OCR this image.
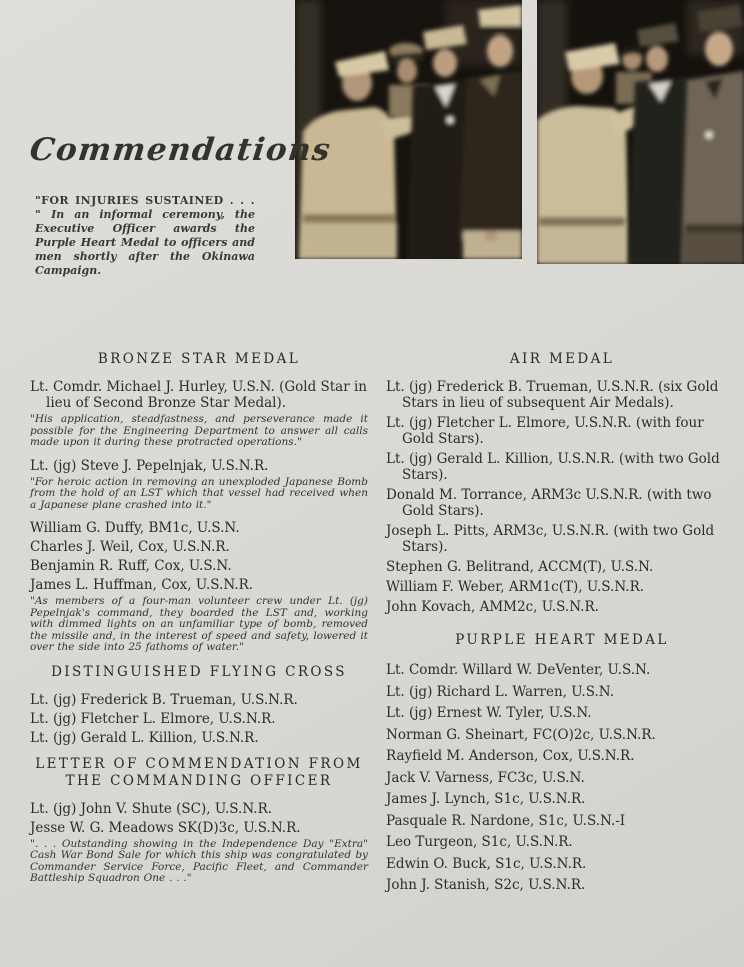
Commendations

"FOR INJURIES SUSTAINED . . . " In an informal ceremony, the Executive Officer awards the Purple Heart Medal to officers and men shortly after the Okinawa Campaign.

BRONZE STAR MEDAL

Lt. Comdr. Michael J. Hurley, U.S.N. (Gold Star in lieu of Second Bronze Star Medal).

"His application, steadfastness, and perseverance made it possible for the Engineering Department to answer all calls made upon it during these protracted operations."

Lt. (jg) Steve J. Pepelnjak, U.S.N.R.

"For heroic action in removing an unexploded Japanese Bomb from the hold of an LST which that vessel had received when a Japanese plane crashed into it."

William G. Duffy, BM1c, U.S.N.

Charles J. Weil, Cox, U.S.N.R.

Benjamin R. Ruff, Cox, U.S.N.

James L. Huffman, Cox, U.S.N.R.

"As members of a four-man volunteer crew under Lt. (jg) Pepelnjak's command, they boarded the LST and, working with dimmed lights on an unfamiliar type of bomb, removed the missile and, in the interest of speed and safety, lowered it over the side into 25 fathoms of water."

DISTINGUISHED FLYING CROSS

Lt. (jg) Frederick B. Trueman, U.S.N.R.

Lt. (jg) Fletcher L. Elmore, U.S.N.R.

Lt. (jg) Gerald L. Killion, U.S.N.R.

LETTER OF COMMENDATION FROM THE COMMANDING OFFICER

Lt. (jg) John V. Shute (SC), U.S.N.R.

Jesse W. G. Meadows SK(D)3c, U.S.N.R.

". . . Outstanding showing in the Independence Day "Extra" Cash War Bond Sale for which this ship was congratulated by Commander Service Force, Pacific Fleet, and Commander Battleship Squadron One . . ."

AIR MEDAL

Lt. (jg) Frederick B. Trueman, U.S.N.R. (six Gold Stars in lieu of subsequent Air Medals).

Lt. (jg) Fletcher L. Elmore, U.S.N.R. (with four Gold Stars).

Lt. (jg) Gerald L. Killion, U.S.N.R. (with two Gold Stars).

Donald M. Torrance, ARM3c U.S.N.R. (with two Gold Stars).

Joseph L. Pitts, ARM3c, U.S.N.R. (with two Gold Stars).

Stephen G. Belitrand, ACCM(T), U.S.N.

William F. Weber, ARM1c(T), U.S.N.R.

John Kovach, AMM2c, U.S.N.R.

PURPLE HEART MEDAL

Lt. Comdr. Willard W. DeVenter, U.S.N.

Lt. (jg) Richard L. Warren, U.S.N.

Lt. (jg) Ernest W. Tyler, U.S.N.

Norman G. Sheinart, FC(O)2c, U.S.N.R.

Rayfield M. Anderson, Cox, U.S.N.R.

Jack V. Varness, FC3c, U.S.N.

James J. Lynch, S1c, U.S.N.R.

Pasquale R. Nardone, S1c, U.S.N.-I

Leo Turgeon, S1c, U.S.N.R.

Edwin O. Buck, S1c, U.S.N.R.

John J. Stanish, S2c, U.S.N.R.
